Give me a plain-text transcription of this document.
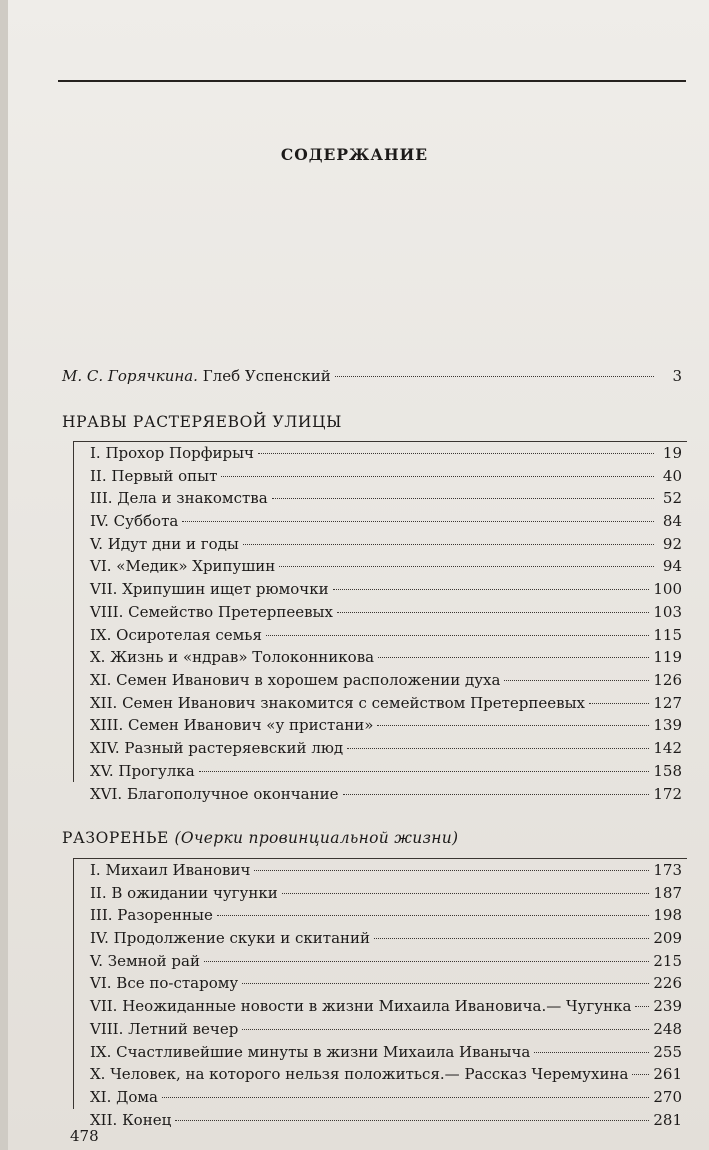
СОДЕРЖАНИЕ
М. С. Горячкина. Глеб Успенский	3
НРАВЫ РАСТЕРЯЕВОЙ УЛИЦЫ
I. Прохор Порфирыч	19
II. Первый опыт	40
III. Дела и знакомства	52
IV. Суббота	84
V. Идут дни и годы	92
VI. «Медик» Хрипушин	94
VII. Хрипушин ищет рюмочки	100
VIII. Семейство Претерпеевых	103
IX. Осиротелая семья	115
X. Жизнь и «ндрав» Толоконникова	119
XI. Семен Иванович в хорошем расположении духа	126
XII. Семен Иванович знакомится с семейством Претерпеевых	127
XIII. Семен Иванович «у пристани»	139
XIV. Разный растеряевский люд	142
XV. Прогулка	158
XVI. Благополучное окончание	172
РАЗОРЕНЬЕ (Очерки провинциальной жизни)
I. Михаил Иванович	173
II. В ожидании чугунки	187
III. Разоренные	198
IV. Продолжение скуки и скитаний	209
V. Земной рай	215
VI. Все по-старому	226
VII. Неожиданные новости в жизни Михаила Ивановича.— Чугунка 239
VIII. Летний вечер	248
IX. Счастливейшие минуты в жизни Михаила Иваныча	255
X. Человек, на которого нельзя положиться.— Рассказ Черемухина 261
XI. Дома	270
XII. Конец	281
478
